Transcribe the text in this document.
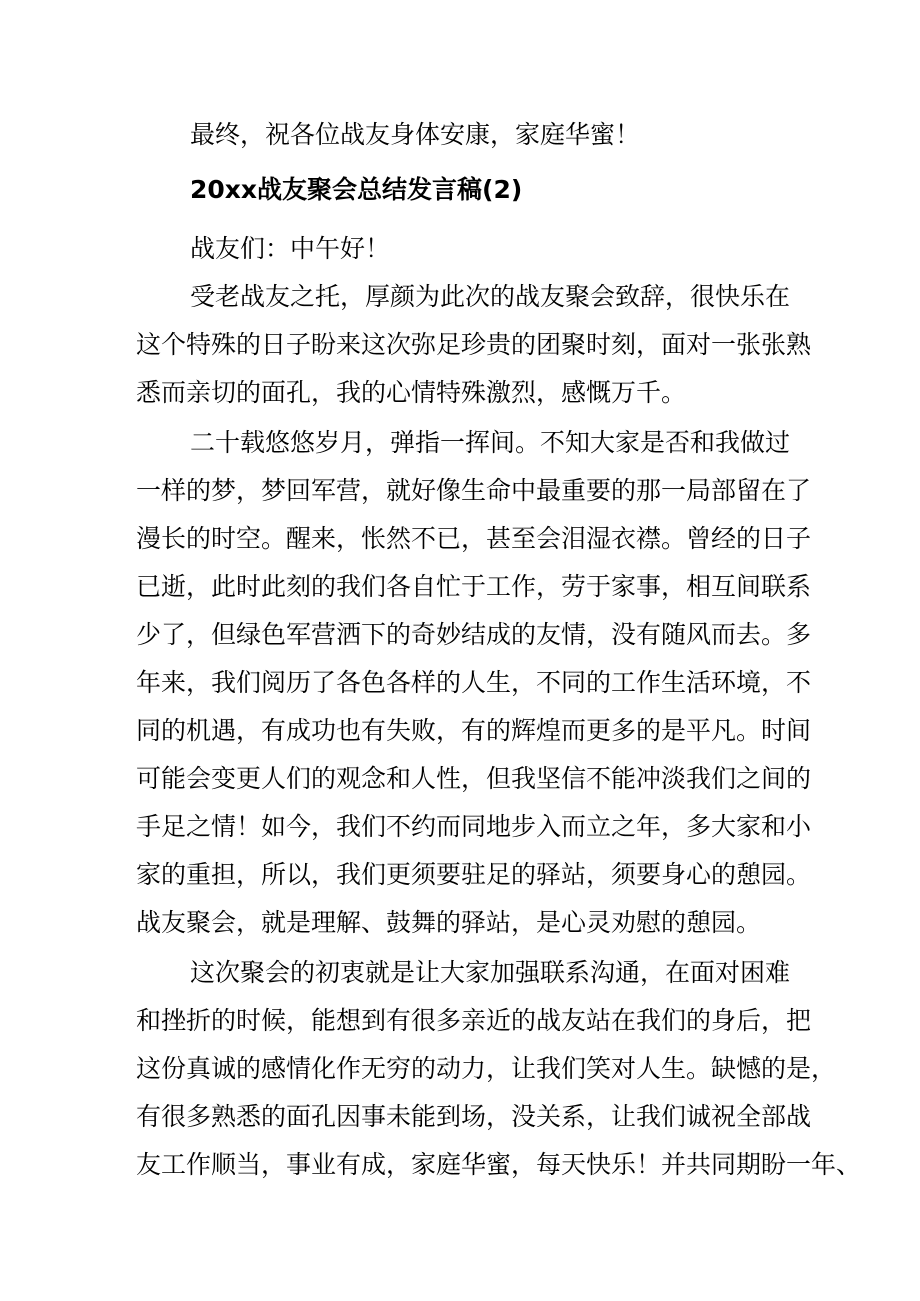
最终，祝各位战友身体安康，家庭华蜜！
20xx战友聚会总结发言稿(2)
战友们：中午好！
受老战友之托，厚颜为此次的战友聚会致辞，很快乐在
这个特殊的日子盼来这次弥足珍贵的团聚时刻，面对一张张熟
悉而亲切的面孔，我的心情特殊激烈，感慨万千。
二十载悠悠岁月，弹指一挥间。不知大家是否和我做过
一样的梦，梦回军营，就好像生命中最重要的那一局部留在了
漫长的时空。醒来，怅然不已，甚至会泪湿衣襟。曾经的日子
已逝，此时此刻的我们各自忙于工作，劳于家事，相互间联系
少了，但绿色军营洒下的奇妙结成的友情，没有随风而去。多
年来，我们阅历了各色各样的人生，不同的工作生活环境，不
同的机遇，有成功也有失败，有的辉煌而更多的是平凡。时间
可能会变更人们的观念和人性，但我坚信不能冲淡我们之间的
手足之情！如今，我们不约而同地步入而立之年，多大家和小
家的重担，所以，我们更须要驻足的驿站，须要身心的憩园。
战友聚会，就是理解、鼓舞的驿站，是心灵劝慰的憩园。
这次聚会的初衷就是让大家加强联系沟通，在面对困难
和挫折的时候，能想到有很多亲近的战友站在我们的身后，把
这份真诚的感情化作无穷的动力，让我们笑对人生。缺憾的是，
有很多熟悉的面孔因事未能到场，没关系，让我们诚祝全部战
友工作顺当，事业有成，家庭华蜜，每天快乐！并共同期盼一年、
